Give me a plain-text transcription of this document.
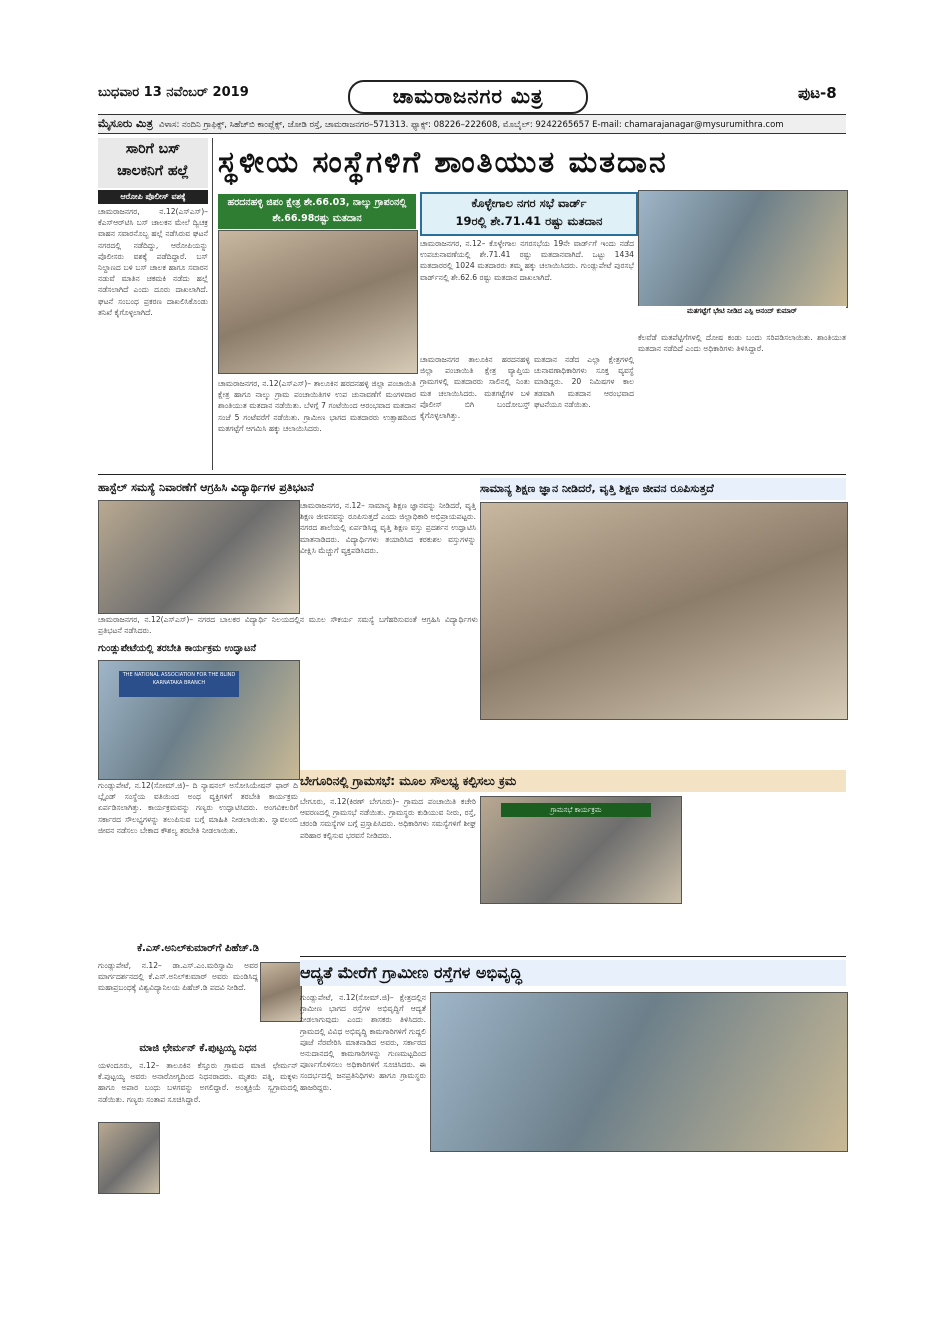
ಬುಧವಾರ 13 ನವೆಂಬರ್ 2019	ಚಾಮರಾಜನಗರ ಮಿತ್ರ	ಪುಟ-8
ಮೈಸೂರು ಮಿತ್ರ ವಿಳಾಸ: ನಂದಿನಿ ಗ್ರಾಫಿಕ್ಸ್, ಸಿಹೆಚ್‌ಬಿ ಕಾಂಪ್ಲೆಕ್ಸ್, ಜೋಡಿ ರಸ್ತೆ, ಚಾಮರಾಜನಗರ–571313. ಫ್ಯಾಕ್ಸ್: 08226–222608, ಮೊಬೈಲ್: 9242265657 E-mail: chamarajanagar@mysurumithra.com
ಸಾರಿಗೆ ಬಸ್
ಚಾಲಕನಿಗೆ ಹಲ್ಲೆ
ಆರೋಪಿ ಪೊಲೀಸ್ ವಶಕ್ಕೆ
ಚಾಮರಾಜನಗರ, ನ.12(ಎಸ್‌ಎಸ್)– ಕೆಎಸ್‌ಆರ್‌ಟಿಸಿ ಬಸ್ ಚಾಲಕನ ಮೇಲೆ ದ್ವಿಚಕ್ರ ವಾಹನ ಸವಾರನೊಬ್ಬ ಹಲ್ಲೆ ನಡೆಸಿರುವ ಘಟನೆ ನಗರದಲ್ಲಿ ನಡೆದಿದ್ದು, ಆರೋಪಿಯನ್ನು ಪೊಲೀಸರು ವಶಕ್ಕೆ ಪಡೆದಿದ್ದಾರೆ. ಬಸ್ ನಿಲ್ದಾಣದ ಬಳಿ ಬಸ್ ಚಾಲಕ ಹಾಗೂ ಸವಾರನ ನಡುವೆ ಮಾತಿನ ಚಕಮಕಿ ನಡೆದು ಹಲ್ಲೆ ನಡೆಸಲಾಗಿದೆ ಎಂದು ದೂರು ದಾಖಲಾಗಿದೆ. ಘಟನೆ ಸಂಬಂಧ ಪ್ರಕರಣ ದಾಖಲಿಸಿಕೊಂಡು ತನಿಖೆ ಕೈಗೊಳ್ಳಲಾಗಿದೆ.
ಸ್ಥಳೀಯ ಸಂಸ್ಥೆಗಳಿಗೆ ಶಾಂತಿಯುತ ಮತದಾನ
ಹರದನಹಳ್ಳಿ ಜಿಪಂ ಕ್ಷೇತ್ರ ಶೇ.66.03, ನಾಲ್ಕು ಗ್ರಾಪಂನಲ್ಲಿ ಶೇ.66.98ರಷ್ಟು ಮತದಾನ
ಚಾಮರಾಜನಗರ, ನ.12(ಎಸ್‌ಎಸ್)– ತಾಲೂಕಿನ ಹರದನಹಳ್ಳಿ ಜಿಲ್ಲಾ ಪಂಚಾಯಿತಿ ಕ್ಷೇತ್ರ ಹಾಗೂ ನಾಲ್ಕು ಗ್ರಾಮ ಪಂಚಾಯಿತಿಗಳ ಉಪ ಚುನಾವಣೆಗೆ ಮಂಗಳವಾರ ಶಾಂತಿಯುತ ಮತದಾನ ನಡೆಯಿತು. ಬೆಳಗ್ಗೆ 7 ಗಂಟೆಯಿಂದ ಆರಂಭವಾದ ಮತದಾನ ಸಂಜೆ 5 ಗಂಟೆವರೆಗೆ ನಡೆಯಿತು. ಗ್ರಾಮೀಣ ಭಾಗದ ಮತದಾರರು ಉತ್ಸಾಹದಿಂದ ಮತಗಟ್ಟೆಗೆ ಆಗಮಿಸಿ ಹಕ್ಕು ಚಲಾಯಿಸಿದರು.
ಕೊಳ್ಳೇಗಾಲ ನಗರ ಸಭೆ ವಾರ್ಡ್
19ರಲ್ಲಿ ಶೇ.71.41 ರಷ್ಟು ಮತದಾನ
ಚಾಮರಾಜನಗರ, ನ.12– ಕೊಳ್ಳೇಗಾಲ ನಗರಸಭೆಯ 19ನೇ ವಾರ್ಡ್‌ಗೆ ಇಂದು ನಡೆದ ಉಪಚುನಾವಣೆಯಲ್ಲಿ ಶೇ.71.41 ರಷ್ಟು ಮತದಾನವಾಗಿದೆ. ಒಟ್ಟು 1434 ಮತದಾರರಲ್ಲಿ 1024 ಮತದಾರರು ತಮ್ಮ ಹಕ್ಕು ಚಲಾಯಿಸಿದರು. ಗುಂಡ್ಲುಪೇಟೆ ಪುರಸಭೆ ವಾರ್ಡ್‌ನಲ್ಲಿ ಶೇ.62.6 ರಷ್ಟು ಮತದಾನ ದಾಖಲಾಗಿದೆ.
ಮತಗಟ್ಟೆಗೆ ಭೇಟಿ ನೀಡಿದ ಎಸ್ಪಿ ಆನಂದ್ ಕುಮಾರ್
ಚಾಮರಾಜನಗರ ತಾಲೂಕಿನ ಹರದನಹಳ್ಳಿ ಜಿಲ್ಲಾ ಪಂಚಾಯಿತಿ ಕ್ಷೇತ್ರ ವ್ಯಾಪ್ತಿಯ ಗ್ರಾಮಗಳಲ್ಲಿ ಮತದಾರರು ಸಾಲಿನಲ್ಲಿ ನಿಂತು ಮತ ಚಲಾಯಿಸಿದರು. ಮತಗಟ್ಟೆಗಳ ಬಳಿ ಪೊಲೀಸ್ ಬಿಗಿ ಬಂದೋಬಸ್ತ್ ಕೈಗೊಳ್ಳಲಾಗಿತ್ತು.
ಮತದಾನ ನಡೆದ ಎಲ್ಲಾ ಕ್ಷೇತ್ರಗಳಲ್ಲಿ ಚುನಾವಣಾಧಿಕಾರಿಗಳು ಸೂಕ್ತ ವ್ಯವಸ್ಥೆ ಮಾಡಿದ್ದರು. 20 ನಿಮಿಷಗಳ ಕಾಲ ತಡವಾಗಿ ಮತದಾನ ಆರಂಭವಾದ ಘಟನೆಯೂ ನಡೆಯಿತು.
ಕೆಲವೆಡೆ ಮತಪೆಟ್ಟಿಗೆಗಳಲ್ಲಿ ದೋಷ ಕಂಡು ಬಂದು ಸರಿಪಡಿಸಲಾಯಿತು. ಶಾಂತಿಯುತ ಮತದಾನ ನಡೆದಿದೆ ಎಂದು ಅಧಿಕಾರಿಗಳು ತಿಳಿಸಿದ್ದಾರೆ.
ಹಾಸ್ಟೆಲ್ ಸಮಸ್ಯೆ ನಿವಾರಣೆಗೆ ಆಗ್ರಹಿಸಿ ವಿದ್ಯಾರ್ಥಿಗಳ ಪ್ರತಿಭಟನೆ
ಚಾಮರಾಜನಗರ, ನ.12(ಎಸ್‌ಎಸ್)– ನಗರದ ಬಾಲಕರ ವಿದ್ಯಾರ್ಥಿ ನಿಲಯದಲ್ಲಿನ ಮೂಲ ಸೌಕರ್ಯ ಸಮಸ್ಯೆ ಬಗೆಹರಿಸುವಂತೆ ಆಗ್ರಹಿಸಿ ವಿದ್ಯಾರ್ಥಿಗಳು ಪ್ರತಿಭಟನೆ ನಡೆಸಿದರು.
ಸಾಮಾನ್ಯ ಶಿಕ್ಷಣ ಜ್ಞಾನ ನೀಡಿದರೆ, ವೃತ್ತಿ ಶಿಕ್ಷಣ ಜೀವನ ರೂಪಿಸುತ್ತದೆ
ಚಾಮರಾಜನಗರ, ನ.12– ಸಾಮಾನ್ಯ ಶಿಕ್ಷಣ ಜ್ಞಾನವನ್ನು ನೀಡಿದರೆ, ವೃತ್ತಿ ಶಿಕ್ಷಣ ಜೀವನವನ್ನು ರೂಪಿಸುತ್ತದೆ ಎಂದು ಜಿಲ್ಲಾಧಿಕಾರಿ ಅಭಿಪ್ರಾಯಪಟ್ಟರು. ನಗರದ ಶಾಲೆಯಲ್ಲಿ ಏರ್ಪಡಿಸಿದ್ದ ವೃತ್ತಿ ಶಿಕ್ಷಣ ವಸ್ತು ಪ್ರದರ್ಶನ ಉದ್ಘಾಟಿಸಿ ಮಾತನಾಡಿದರು. ವಿದ್ಯಾರ್ಥಿಗಳು ತಯಾರಿಸಿದ ಕರಕುಶಲ ವಸ್ತುಗಳನ್ನು ವೀಕ್ಷಿಸಿ ಮೆಚ್ಚುಗೆ ವ್ಯಕ್ತಪಡಿಸಿದರು.
ಗುಂಡ್ಲುಪೇಟೆಯಲ್ಲಿ ತರಬೇತಿ ಕಾರ್ಯಕ್ರಮ ಉದ್ಘಾಟನೆ
THE NATIONAL ASSOCIATION FOR THE BLIND KARNATAKA BRANCH
ಗುಂಡ್ಲುಪೇಟೆ, ನ.12(ಸೋಮ್.ಜಿ)– ದಿ ನ್ಯಾಷನಲ್ ಅಸೋಸಿಯೇಷನ್ ಫಾರ್ ದಿ ಬ್ಲೈಂಡ್ ಸಂಸ್ಥೆಯ ವತಿಯಿಂದ ಅಂಧ ವ್ಯಕ್ತಿಗಳಿಗೆ ತರಬೇತಿ ಕಾರ್ಯಕ್ರಮ ಏರ್ಪಡಿಸಲಾಗಿತ್ತು. ಕಾರ್ಯಕ್ರಮವನ್ನು ಗಣ್ಯರು ಉದ್ಘಾಟಿಸಿದರು. ಅಂಗವಿಕಲರಿಗೆ ಸರ್ಕಾರದ ಸೌಲಭ್ಯಗಳನ್ನು ತಲುಪಿಸುವ ಬಗ್ಗೆ ಮಾಹಿತಿ ನೀಡಲಾಯಿತು. ಸ್ವಾವಲಂಬಿ ಜೀವನ ನಡೆಸಲು ಬೇಕಾದ ಕೌಶಲ್ಯ ತರಬೇತಿ ನೀಡಲಾಯಿತು.
ಬೇಗೂರಿನಲ್ಲಿ ಗ್ರಾಮಸಭೆ: ಮೂಲ ಸೌಲಭ್ಯ ಕಲ್ಪಿಸಲು ಕ್ರಮ
ಬೇಗೂರು, ನ.12(ಕಿರಣ್ ಬೇಗೂರು)– ಗ್ರಾಮದ ಪಂಚಾಯಿತಿ ಕಚೇರಿ ಆವರಣದಲ್ಲಿ ಗ್ರಾಮಸಭೆ ನಡೆಯಿತು. ಗ್ರಾಮಸ್ಥರು ಕುಡಿಯುವ ನೀರು, ರಸ್ತೆ, ಚರಂಡಿ ಸಮಸ್ಯೆಗಳ ಬಗ್ಗೆ ಪ್ರಸ್ತಾಪಿಸಿದರು. ಅಧಿಕಾರಿಗಳು ಸಮಸ್ಯೆಗಳಿಗೆ ಶೀಘ್ರ ಪರಿಹಾರ ಕಲ್ಪಿಸುವ ಭರವಸೆ ನೀಡಿದರು.
ಗ್ರಾಮಸಭೆ ಕಾರ್ಯಕ್ರಮ
ಕೆ.ಎಸ್.ಅನಿಲ್‌ಕುಮಾರ್‌ಗೆ ಪಿಹೆಚ್.ಡಿ
ಗುಂಡ್ಲುಪೇಟೆ, ನ.12– ಡಾ.ಎಸ್.ಎಂ.ಮರಿಸ್ವಾಮಿ ಅವರ ಮಾರ್ಗದರ್ಶನದಲ್ಲಿ ಕೆ.ಎಸ್.ಅನಿಲ್‌ಕುಮಾರ್ ಅವರು ಮಂಡಿಸಿದ್ದ ಮಹಾಪ್ರಬಂಧಕ್ಕೆ ವಿಶ್ವವಿದ್ಯಾನಿಲಯ ಪಿಹೆಚ್.ಡಿ ಪದವಿ ನೀಡಿದೆ.
ಮಾಜಿ ಛೇರ್ಮನ್ ಕೆ.ಪುಟ್ಟಯ್ಯ ನಿಧನ
ಯಳಂದೂರು, ನ.12– ತಾಲೂಕಿನ ಕೆಸ್ತೂರು ಗ್ರಾಮದ ಮಾಜಿ ಛೇರ್ಮನ್ ಕೆ.ಪುಟ್ಟಯ್ಯ ಅವರು ಅನಾರೋಗ್ಯದಿಂದ ನಿಧನರಾದರು. ಮೃತರು ಪತ್ನಿ, ಮಕ್ಕಳು ಹಾಗೂ ಅಪಾರ ಬಂಧು ಬಳಗವನ್ನು ಅಗಲಿದ್ದಾರೆ. ಅಂತ್ಯಕ್ರಿಯೆ ಸ್ವಗ್ರಾಮದಲ್ಲಿ ನಡೆಯಿತು. ಗಣ್ಯರು ಸಂತಾಪ ಸೂಚಿಸಿದ್ದಾರೆ.
ಆದ್ಯತೆ ಮೇರೆಗೆ ಗ್ರಾಮೀಣ ರಸ್ತೆಗಳ ಅಭಿವೃದ್ಧಿ
ಗುಂಡ್ಲುಪೇಟೆ, ನ.12(ಸೋಮ್.ಜಿ)– ಕ್ಷೇತ್ರದಲ್ಲಿನ ಗ್ರಾಮೀಣ ಭಾಗದ ರಸ್ತೆಗಳ ಅಭಿವೃದ್ಧಿಗೆ ಆದ್ಯತೆ ನೀಡಲಾಗುವುದು ಎಂದು ಶಾಸಕರು ತಿಳಿಸಿದರು. ಗ್ರಾಮದಲ್ಲಿ ವಿವಿಧ ಅಭಿವೃದ್ಧಿ ಕಾಮಗಾರಿಗಳಿಗೆ ಗುದ್ದಲಿ ಪೂಜೆ ನೆರವೇರಿಸಿ ಮಾತನಾಡಿದ ಅವರು, ಸರ್ಕಾರದ ಅನುದಾನದಲ್ಲಿ ಕಾಮಗಾರಿಗಳನ್ನು ಗುಣಮಟ್ಟದಿಂದ ಪೂರ್ಣಗೊಳಿಸಲು ಅಧಿಕಾರಿಗಳಿಗೆ ಸೂಚಿಸಿದರು. ಈ ಸಂದರ್ಭದಲ್ಲಿ ಜನಪ್ರತಿನಿಧಿಗಳು ಹಾಗೂ ಗ್ರಾಮಸ್ಥರು ಹಾಜರಿದ್ದರು.
